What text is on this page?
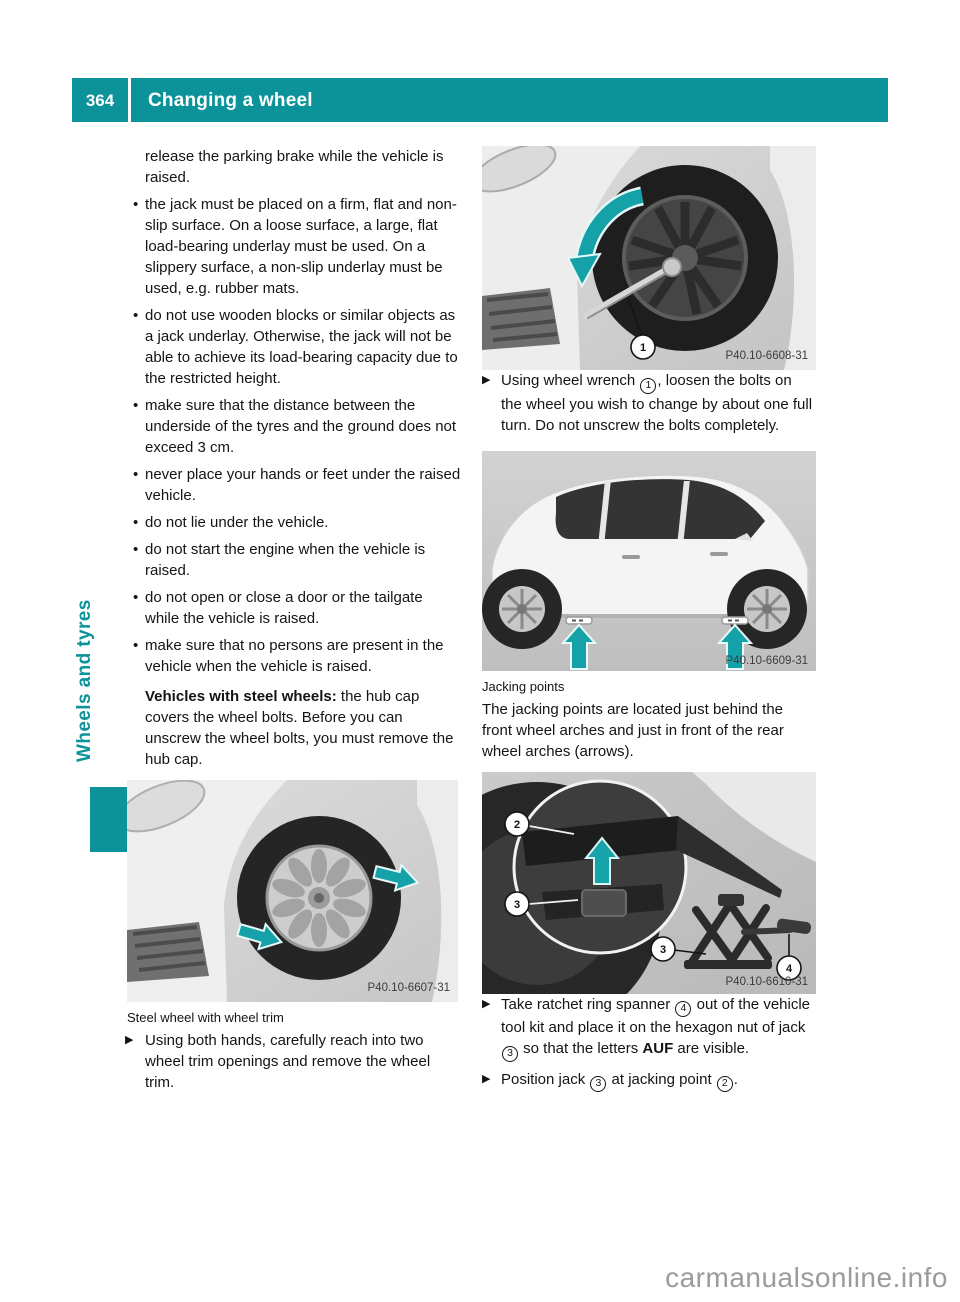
364	Changing a wheel
Wheels and tyres

release the parking brake while the vehicle is raised.

• the jack must be placed on a firm, flat and non-slip surface. On a loose surface, a large, flat load-bearing underlay must be used. On a slippery surface, a non-slip underlay must be used, e.g. rubber mats.
• do not use wooden blocks or similar objects as a jack underlay. Otherwise, the jack will not be able to achieve its load-bearing capacity due to the restricted height.
• make sure that the distance between the underside of the tyres and the ground does not exceed 3 cm.
• never place your hands or feet under the raised vehicle.
• do not lie under the vehicle.
• do not start the engine when the vehicle is raised.
• do not open or close a door or the tailgate while the vehicle is raised.
• make sure that no persons are present in the vehicle when the vehicle is raised.

Vehicles with steel wheels: the hub cap covers the wheel bolts. Before you can unscrew the wheel bolts, you must remove the hub cap.

P40.10-6607-31
Steel wheel with wheel trim
▶ Using both hands, carefully reach into two wheel trim openings and remove the wheel trim.
1
P40.10-6608-31
▶ Using wheel wrench 1 , loosen the bolts on the wheel you wish to change by about one full turn. Do not unscrew the bolts completely.
P40.10-6609-31
Jacking points

The jacking points are located just behind the front wheel arches and just in front of the rear wheel arches (arrows).

2
3
3
4
P40.10-6610-31
▶ Take ratchet ring spanner 4 out of the vehicle tool kit and place it on the hexagon nut of jack 3 so that the letters AUF are visible.
▶ Position jack 3 at jacking point 2 .
carmanualsonline.info
